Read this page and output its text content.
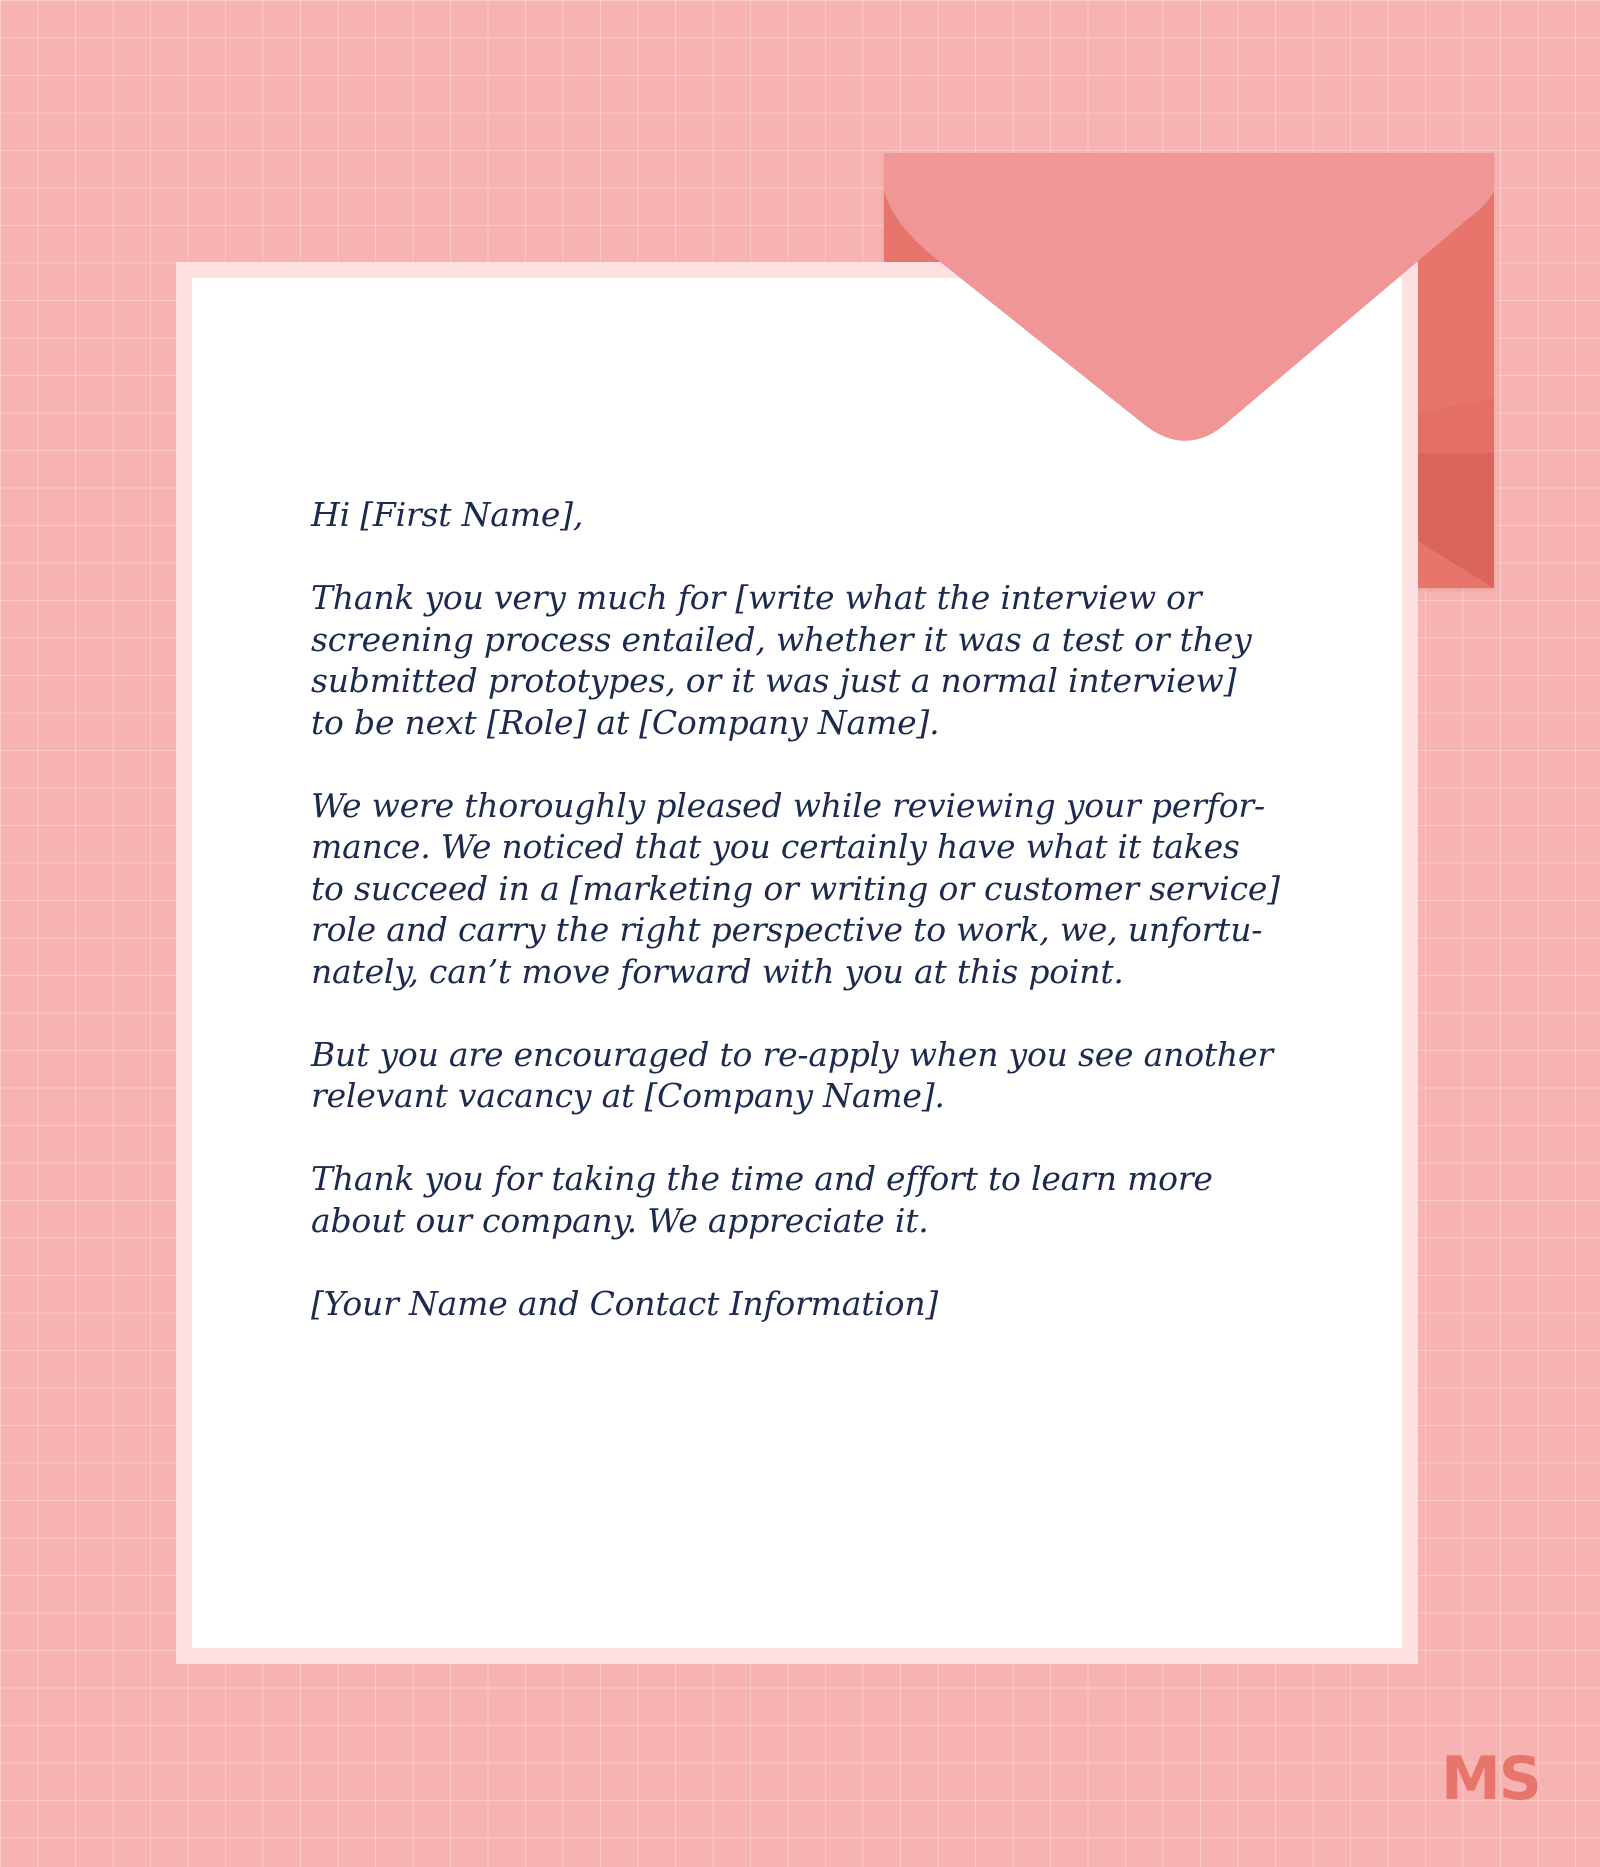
Hi [First Name],

Thank you very much for [write what the interview or
screening process entailed, whether it was a test or they
submitted prototypes, or it was just a normal interview]
to be next [Role] at [Company Name].

We were thoroughly pleased while reviewing your perfor-
mance. We noticed that you certainly have what it takes
to succeed in a [marketing or writing or customer service]
role and carry the right perspective to work, we, unfortu-
nately, can’t move forward with you at this point.

But you are encouraged to re-apply when you see another
relevant vacancy at [Company Name].

Thank you for taking the time and effort to learn more
about our company. We appreciate it.

[Your Name and Contact Information]

MS
